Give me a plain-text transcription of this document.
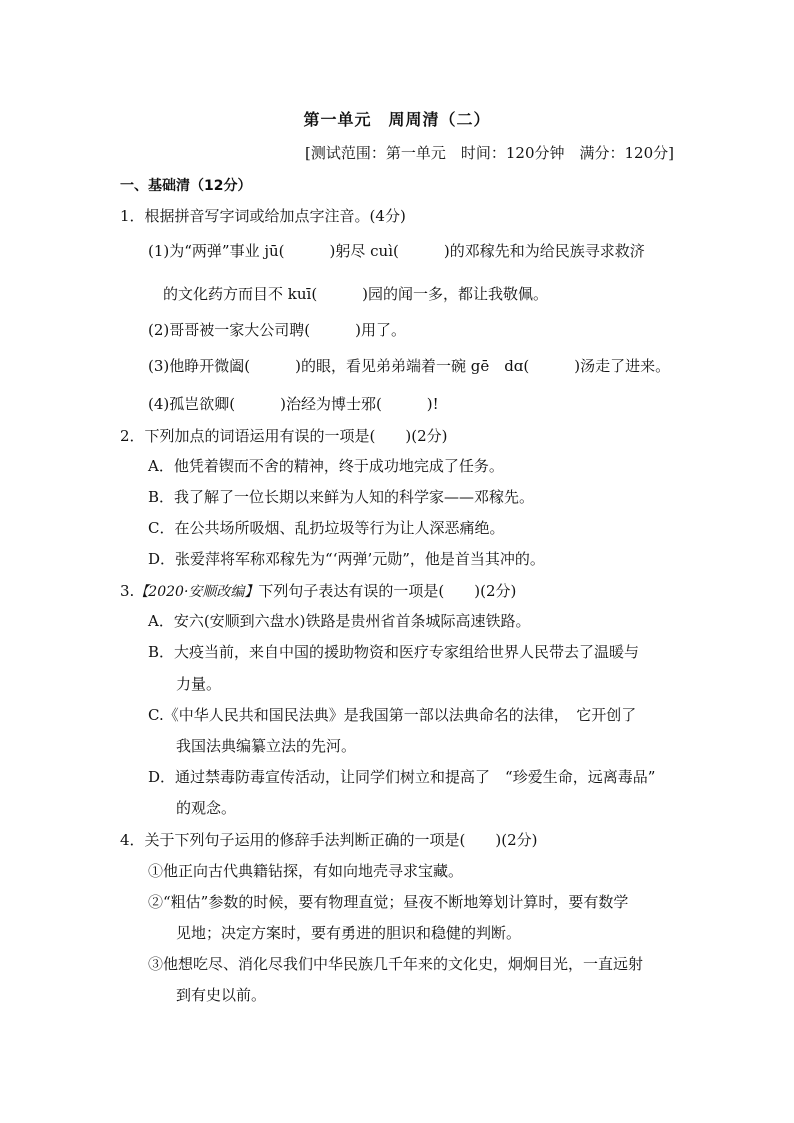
第一单元　周周清（二）
[测试范围：第一单元　时间：120分钟　满分：120分]
一、基础清（12分）
1．根据拼音写字词或给加点字注音。(4分)
(1)为“两弹”事业 jū(　　　)躬尽 cuì(　　　)的邓稼先和为给民族寻求救济
的文化药方而目不 kuī(　　　)园的闻一多，都让我敬佩。
(2)哥哥被一家大公司聘(　　　)用了。
(3)他睁开微阖(　　　)的眼，看见弟弟端着一碗 gē　dɑ(　　　)汤走了进来。
(4)孤岂欲卿(　　　)治经为博士邪(　　　)!
2．下列加点的词语运用有误的一项是(　　)(2分)
A．他凭着锲而不舍的精神，终于成功地完成了任务。
B．我了解了一位长期以来鲜为人知的科学家——邓稼先。
C．在公共场所吸烟、乱扔垃圾等行为让人深恶痛绝。
D．张爱萍将军称邓稼先为“‘两弹’元勋”，他是首当其冲的。
3.【2020·安顺改编】下列句子表达有误的一项是(　　)(2分)
A．安六(安顺到六盘水)铁路是贵州省首条城际高速铁路。
B．大疫当前，来自中国的援助物资和医疗专家组给世界人民带去了温暖与
力量。
C.《中华人民共和国民法典》是我国第一部以法典命名的法律，　它开创了
我国法典编纂立法的先河。
D．通过禁毒防毒宣传活动，让同学们树立和提高了　“珍爱生命，远离毒品”
的观念。
4．关于下列句子运用的修辞手法判断正确的一项是(　　)(2分)
①他正向古代典籍钻探，有如向地壳寻求宝藏。
②“粗估”参数的时候，要有物理直觉；昼夜不断地筹划计算时，要有数学
见地；决定方案时，要有勇进的胆识和稳健的判断。
③他想吃尽、消化尽我们中华民族几千年来的文化史，炯炯目光，一直远射
到有史以前。
